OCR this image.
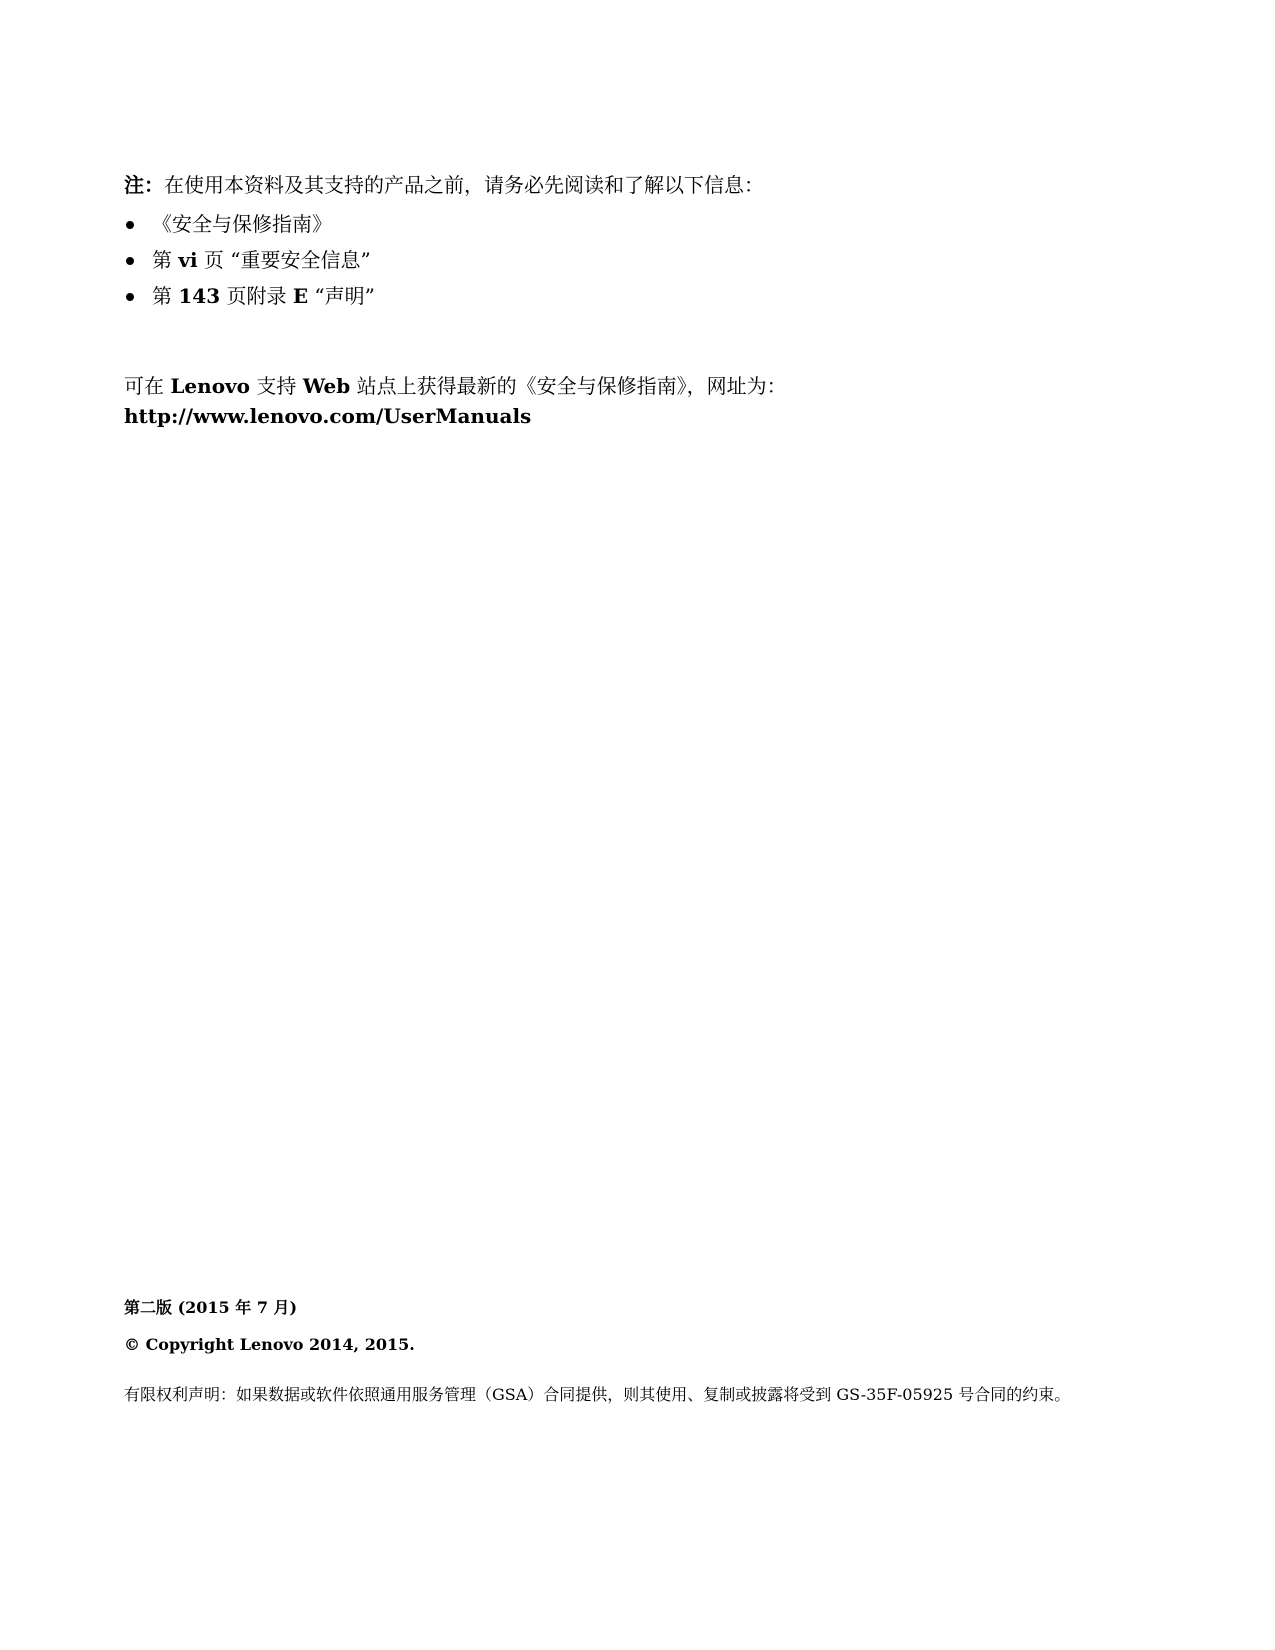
注：在使用本资料及其支持的产品之前，请务必先阅读和了解以下信息：

《安全与保修指南》
第 vi 页 “重要安全信息”
第 143 页附录 E “声明”

可在 Lenovo 支持 Web 站点上获得最新的《安全与保修指南》，网址为：

http://www.lenovo.com/UserManuals

第二版 (2015 年 7 月)

© Copyright Lenovo 2014, 2015.

有限权利声明：如果数据或软件依照通用服务管理（GSA）合同提供，则其使用、复制或披露将受到 GS-35F-05925 号合同的约束。
